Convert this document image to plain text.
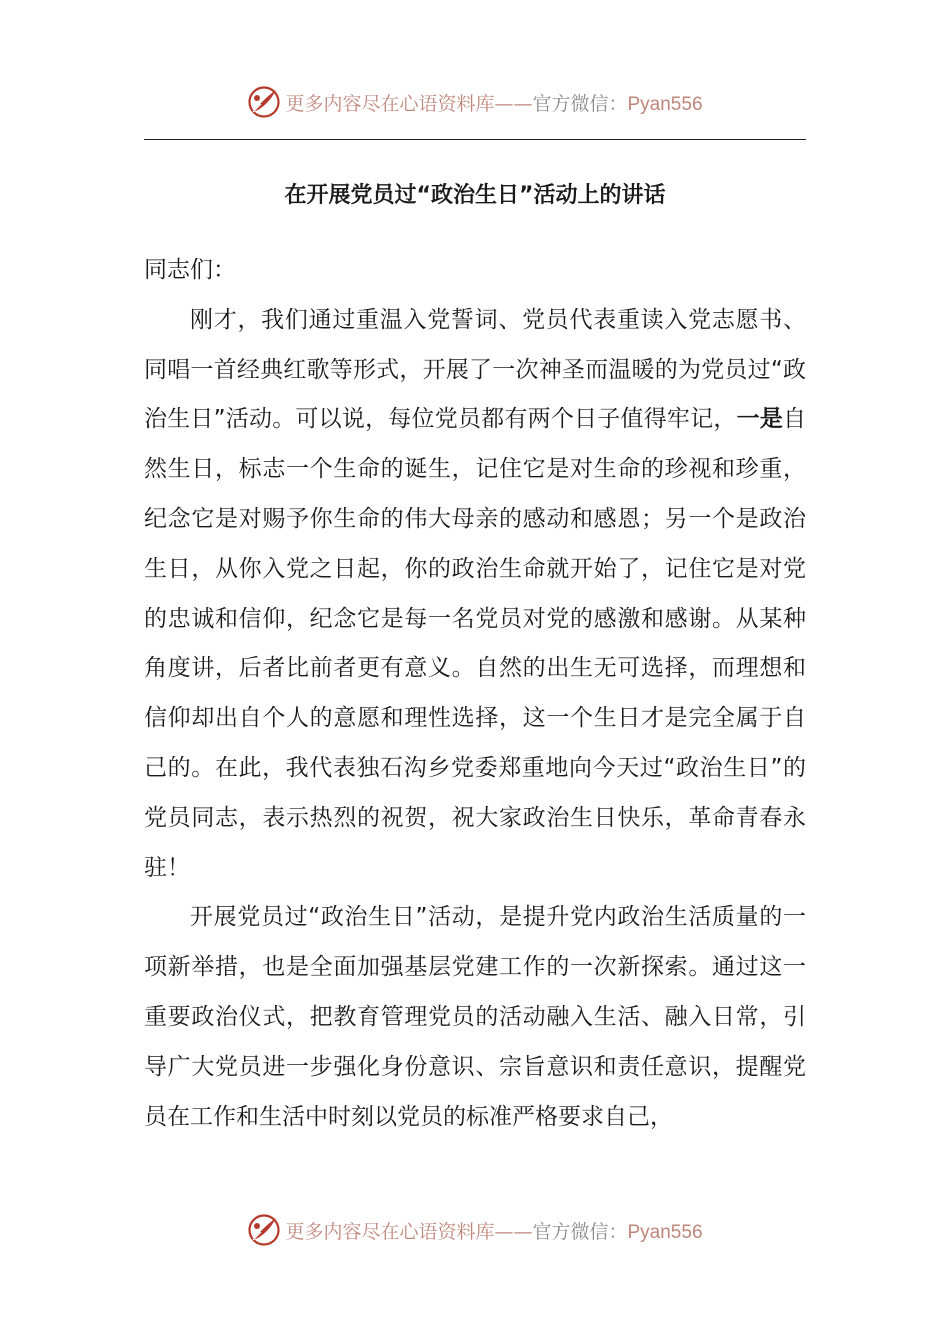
更多内容尽在心语资料库——官方微信：Pyan556
在开展党员过“政治生日”活动上的讲话

同志们：

刚才，我们通过重温入党誓词、党员代表重读入党志愿书、同唱一首经典红歌等形式，开展了一次神圣而温暖的为党员过“政治生日”活动。可以说，每位党员都有两个日子值得牢记，一是自然生日，标志一个生命的诞生，记住它是对生命的珍视和珍重，纪念它是对赐予你生命的伟大母亲的感动和感恩；另一个是政治生日，从你入党之日起，你的政治生命就开始了，记住它是对党的忠诚和信仰，纪念它是每一名党员对党的感激和感谢。从某种角度讲，后者比前者更有意义。自然的出生无可选择，而理想和信仰却出自个人的意愿和理性选择，这一个生日才是完全属于自己的。在此，我代表独石沟乡党委郑重地向今天过“政治生日”的党员同志，表示热烈的祝贺，祝大家政治生日快乐，革命青春永驻！

开展党员过“政治生日”活动，是提升党内政治生活质量的一项新举措，也是全面加强基层党建工作的一次新探索。通过这一重要政治仪式，把教育管理党员的活动融入生活、融入日常，引导广大党员进一步强化身份意识、宗旨意识和责任意识，提醒党员在工作和生活中时刻以党员的标准严格要求自己，

更多内容尽在心语资料库——官方微信：Pyan556
